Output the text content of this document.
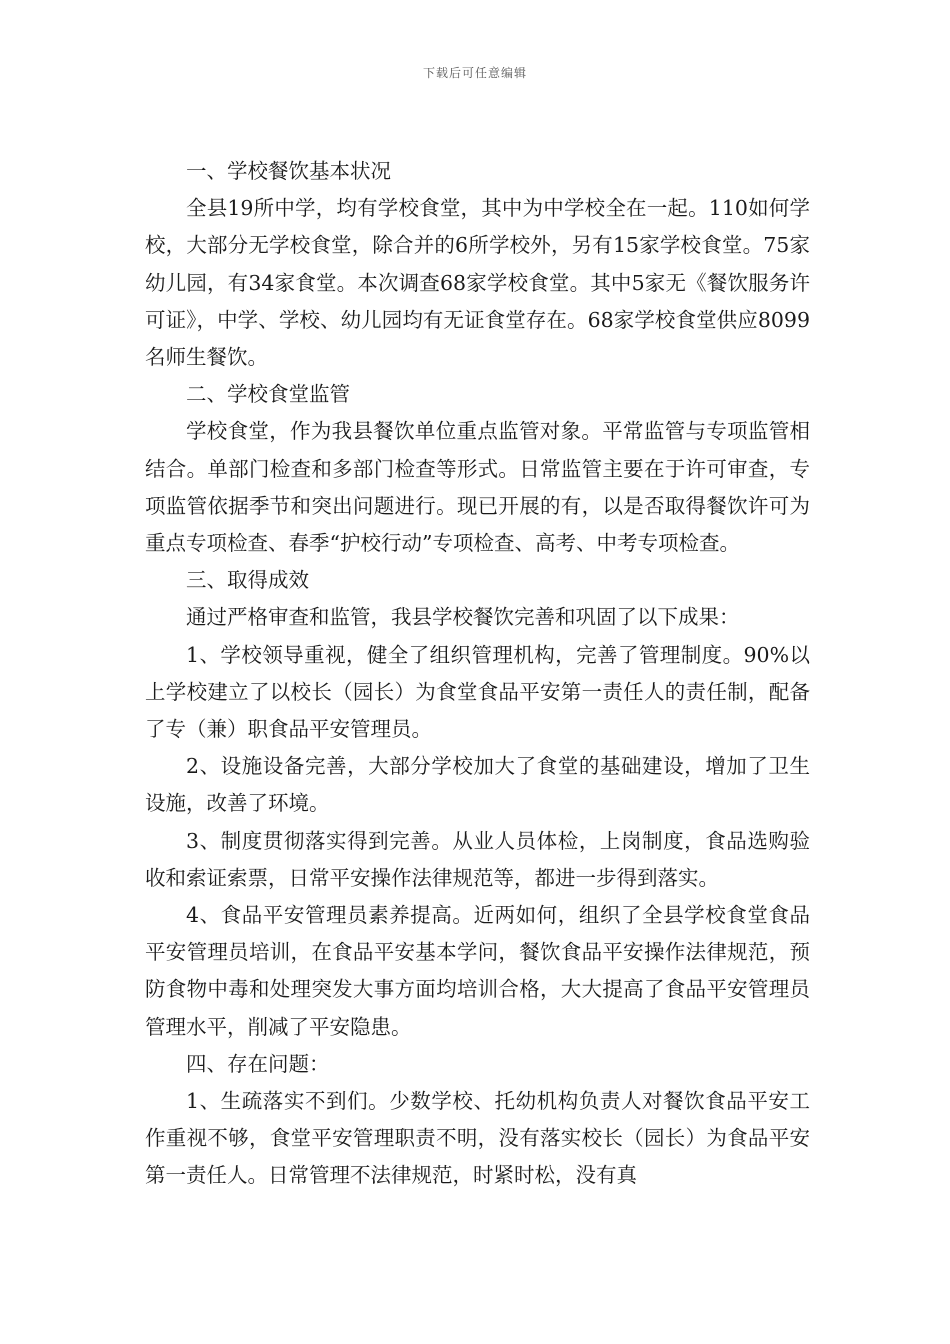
下载后可任意编辑

一、学校餐饮基本状况

全县19所中学，均有学校食堂，其中为中学校全在一起。110如何学校，大部分无学校食堂，除合并的6所学校外，另有15家学校食堂。75家幼儿园，有34家食堂。本次调查68家学校食堂。其中5家无《餐饮服务许可证》，中学、学校、幼儿园均有无证食堂存在。68家学校食堂供应8099名师生餐饮。

二、学校食堂监管

学校食堂，作为我县餐饮单位重点监管对象。平常监管与专项监管相结合。单部门检查和多部门检查等形式。日常监管主要在于许可审查，专项监管依据季节和突出问题进行。现已开展的有，以是否取得餐饮许可为重点专项检查、春季“护校行动”专项检查、高考、中考专项检查。

三、取得成效

通过严格审查和监管，我县学校餐饮完善和巩固了以下成果：

1、学校领导重视，健全了组织管理机构，完善了管理制度。90%以上学校建立了以校长（园长）为食堂食品平安第一责任人的责任制，配备了专（兼）职食品平安管理员。

2、设施设备完善，大部分学校加大了食堂的基础建设，增加了卫生设施，改善了环境。

3、制度贯彻落实得到完善。从业人员体检，上岗制度，食品选购验收和索证索票，日常平安操作法律规范等，都进一步得到落实。

4、食品平安管理员素养提高。近两如何，组织了全县学校食堂食品平安管理员培训，在食品平安基本学问，餐饮食品平安操作法律规范，预防食物中毒和处理突发大事方面均培训合格，大大提高了食品平安管理员管理水平，削减了平安隐患。

四、存在问题：

1、生疏落实不到们。少数学校、托幼机构负责人对餐饮食品平安工作重视不够，食堂平安管理职责不明，没有落实校长（园长）为食品平安第一责任人。日常管理不法律规范，时紧时松，没有真
